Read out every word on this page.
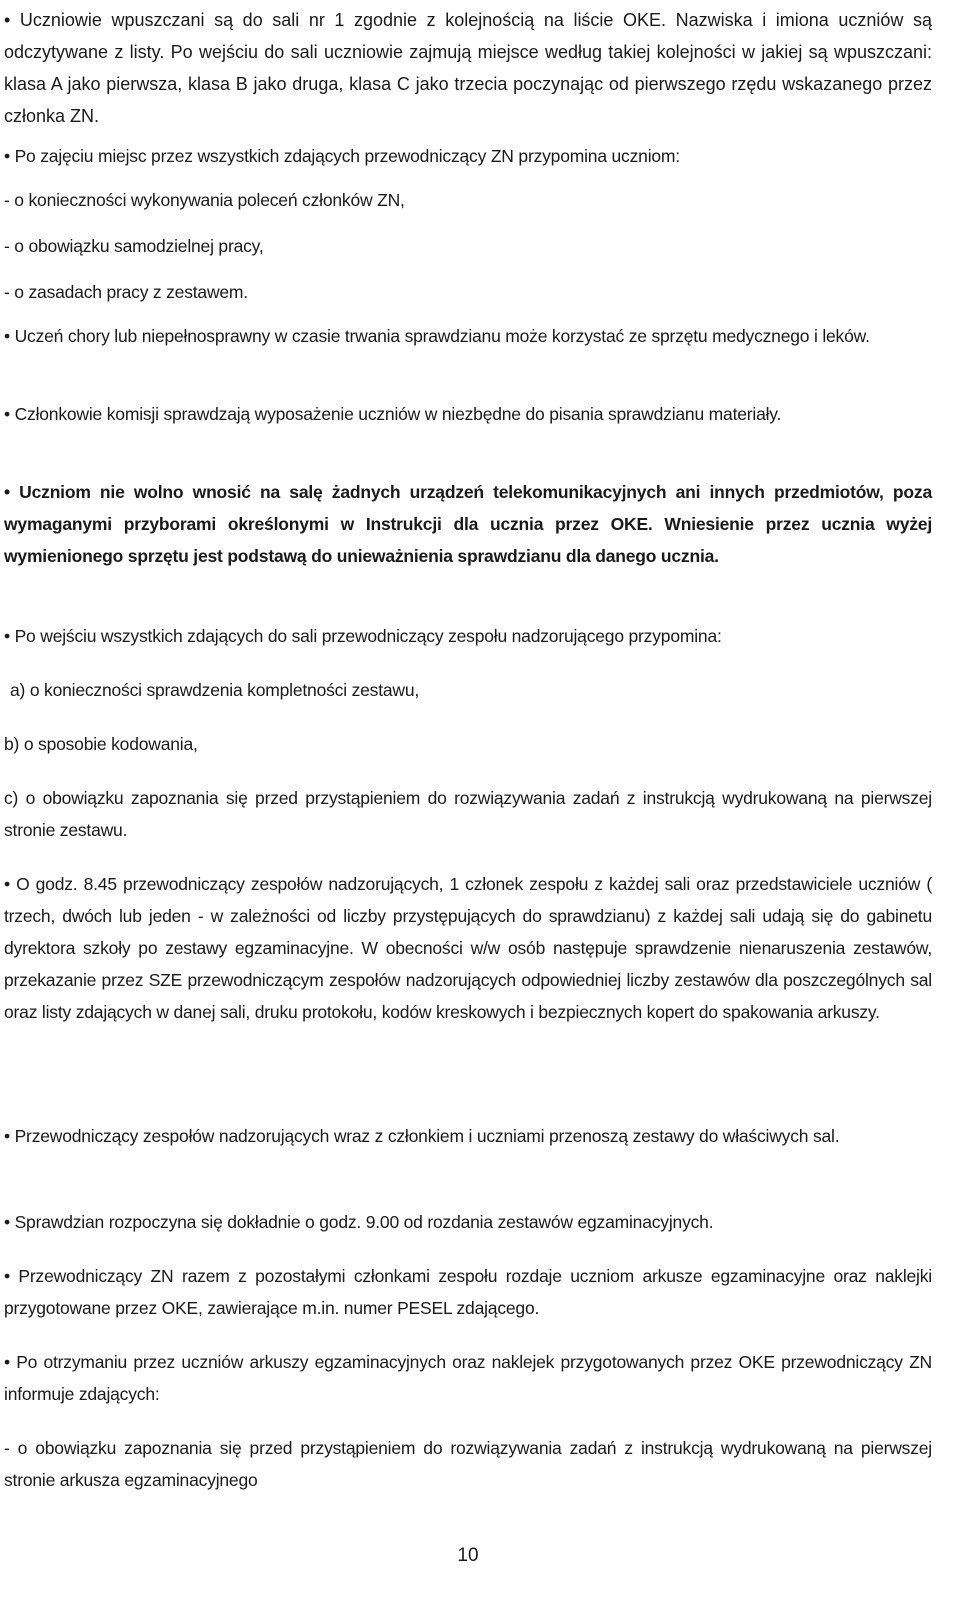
• Uczniowie wpuszczani są do sali nr 1 zgodnie z kolejnością na liście OKE. Nazwiska i imiona uczniów są odczytywane z listy. Po wejściu do sali uczniowie zajmują miejsce według takiej kolejności w jakiej są wpuszczani: klasa A jako pierwsza, klasa B jako druga, klasa C jako trzecia poczynając od pierwszego rzędu wskazanego przez członka ZN.

• Po zajęciu miejsc przez wszystkich zdających przewodniczący ZN przypomina uczniom:

- o konieczności wykonywania poleceń członków ZN,

- o obowiązku samodzielnej pracy,

- o zasadach pracy z zestawem.

• Uczeń chory lub niepełnosprawny w czasie trwania sprawdzianu może korzystać ze sprzętu medycznego i leków.

• Członkowie komisji sprawdzają wyposażenie uczniów w niezbędne do pisania sprawdzianu materiały.

• Uczniom nie wolno wnosić na salę żadnych urządzeń telekomunikacyjnych ani innych przedmiotów, poza wymaganymi przyborami określonymi w Instrukcji dla ucznia przez OKE. Wniesienie przez ucznia wyżej wymienionego sprzętu jest podstawą do unieważnienia sprawdzianu dla danego ucznia.

• Po wejściu wszystkich zdających do sali przewodniczący zespołu nadzorującego przypomina:

a) o konieczności sprawdzenia kompletności zestawu,

b) o sposobie kodowania,

c) o obowiązku zapoznania się przed przystąpieniem do rozwiązywania zadań z instrukcją wydrukowaną na pierwszej stronie zestawu.

• O godz. 8.45 przewodniczący zespołów nadzorujących, 1 członek zespołu z każdej sali oraz przedstawiciele uczniów ( trzech, dwóch lub jeden - w zależności od liczby przystępujących do sprawdzianu) z każdej sali udają się do gabinetu dyrektora szkoły po zestawy egzaminacyjne. W obecności w/w osób następuje sprawdzenie nienaruszenia zestawów, przekazanie przez SZE przewodniczącym zespołów nadzorujących odpowiedniej liczby zestawów dla poszczególnych sal oraz listy zdających w danej sali, druku protokołu, kodów kreskowych i bezpiecznych kopert do spakowania arkuszy.

• Przewodniczący zespołów nadzorujących wraz z członkiem i uczniami przenoszą zestawy do właściwych sal.

• Sprawdzian rozpoczyna się dokładnie o godz. 9.00 od rozdania zestawów egzaminacyjnych.

• Przewodniczący ZN razem z pozostałymi członkami zespołu rozdaje uczniom arkusze egzaminacyjne oraz naklejki przygotowane przez OKE, zawierające m.in. numer PESEL zdającego.

• Po otrzymaniu przez uczniów arkuszy egzaminacyjnych oraz naklejek przygotowanych przez OKE przewodniczący ZN informuje zdających:

- o obowiązku zapoznania się przed przystąpieniem do rozwiązywania zadań z instrukcją wydrukowaną na pierwszej stronie arkusza egzaminacyjnego

10
